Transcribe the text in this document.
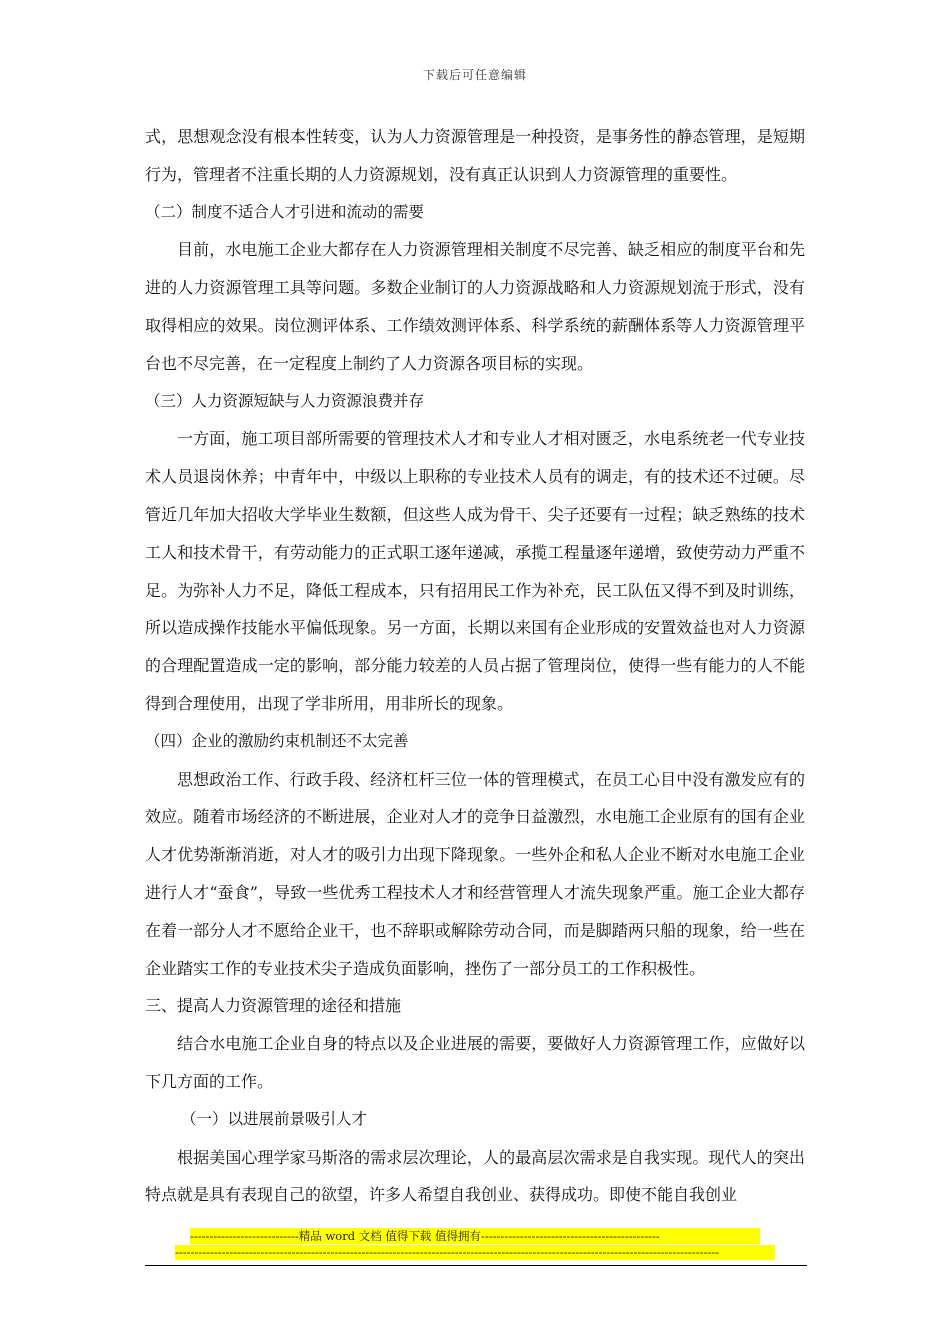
下载后可任意编辑

式，思想观念没有根本性转变，认为人力资源管理是一种投资，是事务性的静态管理，是短期行为，管理者不注重长期的人力资源规划，没有真正认识到人力资源管理的重要性。

（二）制度不适合人才引进和流动的需要

目前，水电施工企业大都存在人力资源管理相关制度不尽完善、缺乏相应的制度平台和先进的人力资源管理工具等问题。多数企业制订的人力资源战略和人力资源规划流于形式，没有取得相应的效果。岗位测评体系、工作绩效测评体系、科学系统的薪酬体系等人力资源管理平台也不尽完善，在一定程度上制约了人力资源各项目标的实现。

（三）人力资源短缺与人力资源浪费并存

一方面，施工项目部所需要的管理技术人才和专业人才相对匮乏，水电系统老一代专业技术人员退岗休养；中青年中，中级以上职称的专业技术人员有的调走，有的技术还不过硬。尽管近几年加大招收大学毕业生数额，但这些人成为骨干、尖子还要有一过程；缺乏熟练的技术工人和技术骨干，有劳动能力的正式职工逐年递减，承揽工程量逐年递增，致使劳动力严重不足。为弥补人力不足，降低工程成本，只有招用民工作为补充，民工队伍又得不到及时训练，所以造成操作技能水平偏低现象。另一方面，长期以来国有企业形成的安置效益也对人力资源的合理配置造成一定的影响，部分能力较差的人员占据了管理岗位，使得一些有能力的人不能得到合理使用，出现了学非所用，用非所长的现象。

（四）企业的激励约束机制还不太完善

思想政治工作、行政手段、经济杠杆三位一体的管理模式，在员工心目中没有激发应有的效应。随着市场经济的不断进展，企业对人才的竞争日益激烈，水电施工企业原有的国有企业人才优势渐渐消逝，对人才的吸引力出现下降现象。一些外企和私人企业不断对水电施工企业进行人才“蚕食”，导致一些优秀工程技术人才和经营管理人才流失现象严重。施工企业大都存在着一部分人才不愿给企业干，也不辞职或解除劳动合同，而是脚踏两只船的现象，给一些在企业踏实工作的专业技术尖子造成负面影响，挫伤了一部分员工的工作积极性。

三、提高人力资源管理的途径和措施

结合水电施工企业自身的特点以及企业进展的需要，要做好人力资源管理工作，应做好以下几方面的工作。

（一）以进展前景吸引人才

根据美国心理学家马斯洛的需求层次理论，人的最高层次需求是自我实现。现代人的突出特点就是具有表现自己的欲望，许多人希望自我创业、获得成功。即使不能自我创业

----------------------------精品 word 文档 值得下载 值得拥有----------------------------------------------
--------------------------------------------------------------------------------------------------------------------------------------------
